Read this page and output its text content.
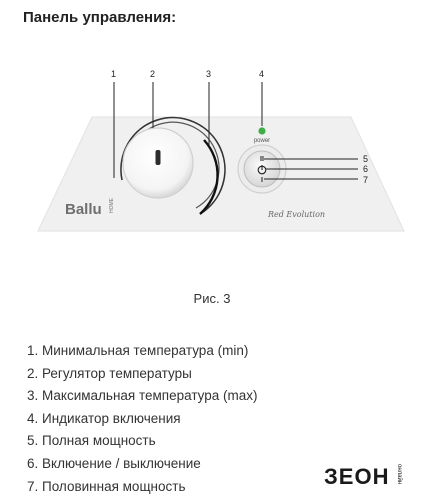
Панель управления:
power
II
I
Ballu HOME
Red Evolution
1	2	3	4
5
6
7
Рис. 3
1. Минимальная температура (min)
2. Регулятор температуры
3. Максимальная температура (max)
4. Индикатор включения
5. Полная мощность
6. Включение / выключение
7. Половинная мощность	ЗЕОН онлайн
